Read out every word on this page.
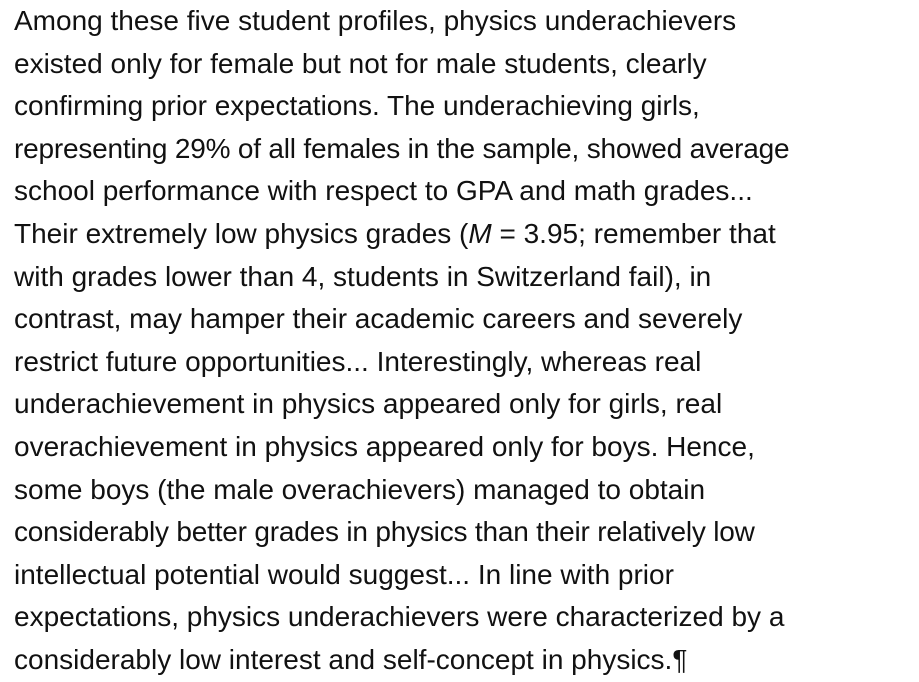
Among these five student profiles, physics underachievers
existed only for female but not for male students, clearly
confirming prior expectations. The underachieving girls,
representing 29% of all females in the sample, showed average
school performance with respect to GPA and math grades...
Their extremely low physics grades (M = 3.95; remember that
with grades lower than 4, students in Switzerland fail), in
contrast, may hamper their academic careers and severely
restrict future opportunities... Interestingly, whereas real
underachievement in physics appeared only for girls, real
overachievement in physics appeared only for boys. Hence,
some boys (the male overachievers) managed to obtain
considerably better grades in physics than their relatively low
intellectual potential would suggest... In line with prior
expectations, physics underachievers were characterized by a
considerably low interest and self-concept in physics.¶
